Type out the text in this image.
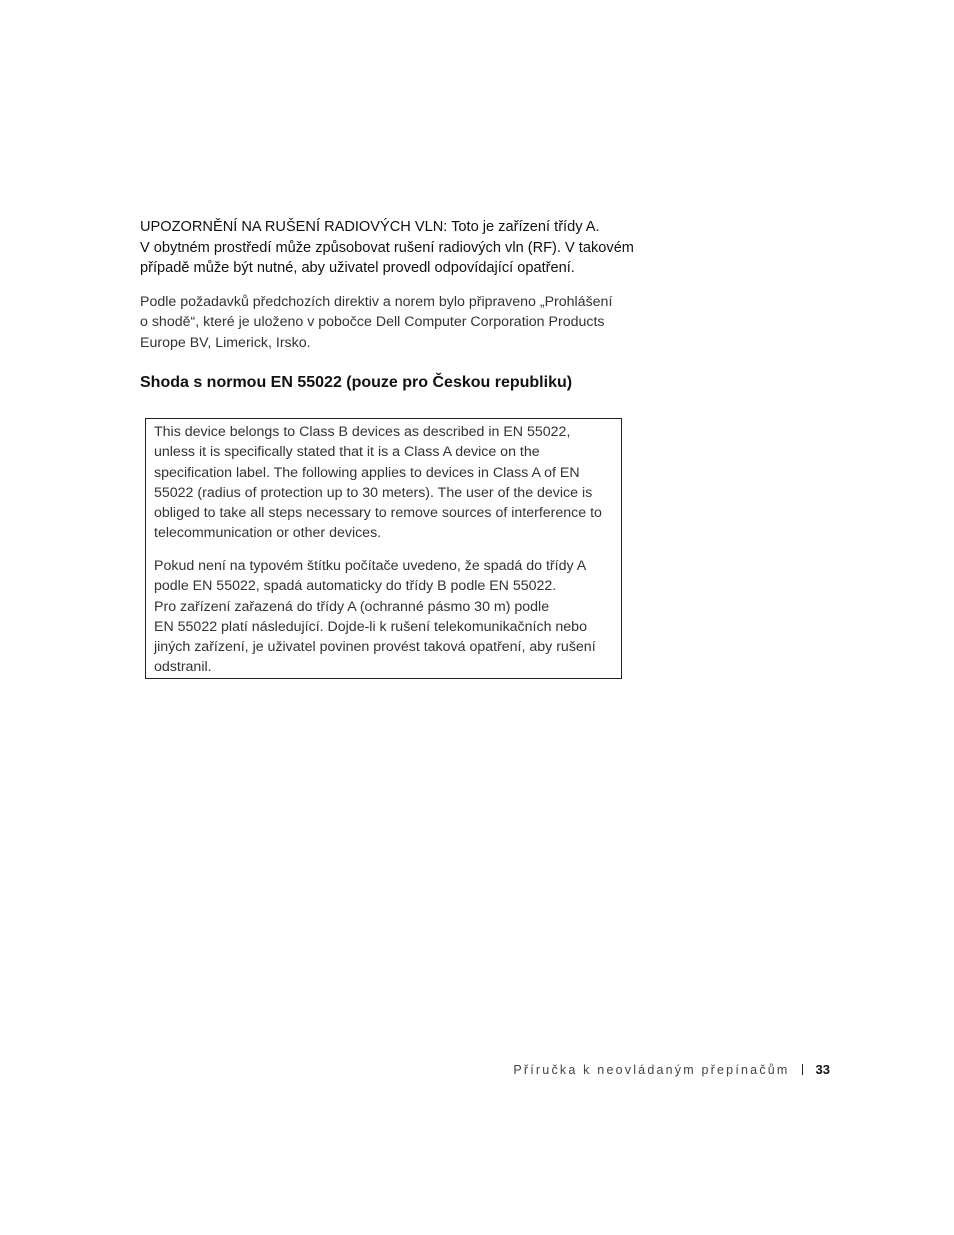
UPOZORNĚNÍ NA RUŠENÍ RADIOVÝCH VLN: Toto je zařízení třídy A.
V obytném prostředí může způsobovat rušení radiových vln (RF). V takovém
případě může být nutné, aby uživatel provedl odpovídající opatření.
Podle požadavků předchozích direktiv a norem bylo připraveno „Prohlášení
o shodě“, které je uloženo v pobočce Dell Computer Corporation Products
Europe BV, Limerick, Irsko.
Shoda s normou EN 55022 (pouze pro Českou republiku)
This device belongs to Class B devices as described in EN 55022,
unless it is specifically stated that it is a Class A device on the
specification label. The following applies to devices in Class A of EN
55022 (radius of protection up to 30 meters). The user of the device is
obliged to take all steps necessary to remove sources of interference to
telecommunication or other devices.
Pokud není na typovém štítku počítače uvedeno, že spadá do třídy A
podle EN 55022, spadá automaticky do třídy B podle EN 55022.
Pro zařízení zařazená do třídy A (ochranné pásmo 30 m) podle
EN 55022 platí následující. Dojde-li k rušení telekomunikačních nebo
jiných zařízení, je uživatel povinen provést taková opatření, aby rušení
odstranil.
Příručka k neovládaným přepínačům 33
